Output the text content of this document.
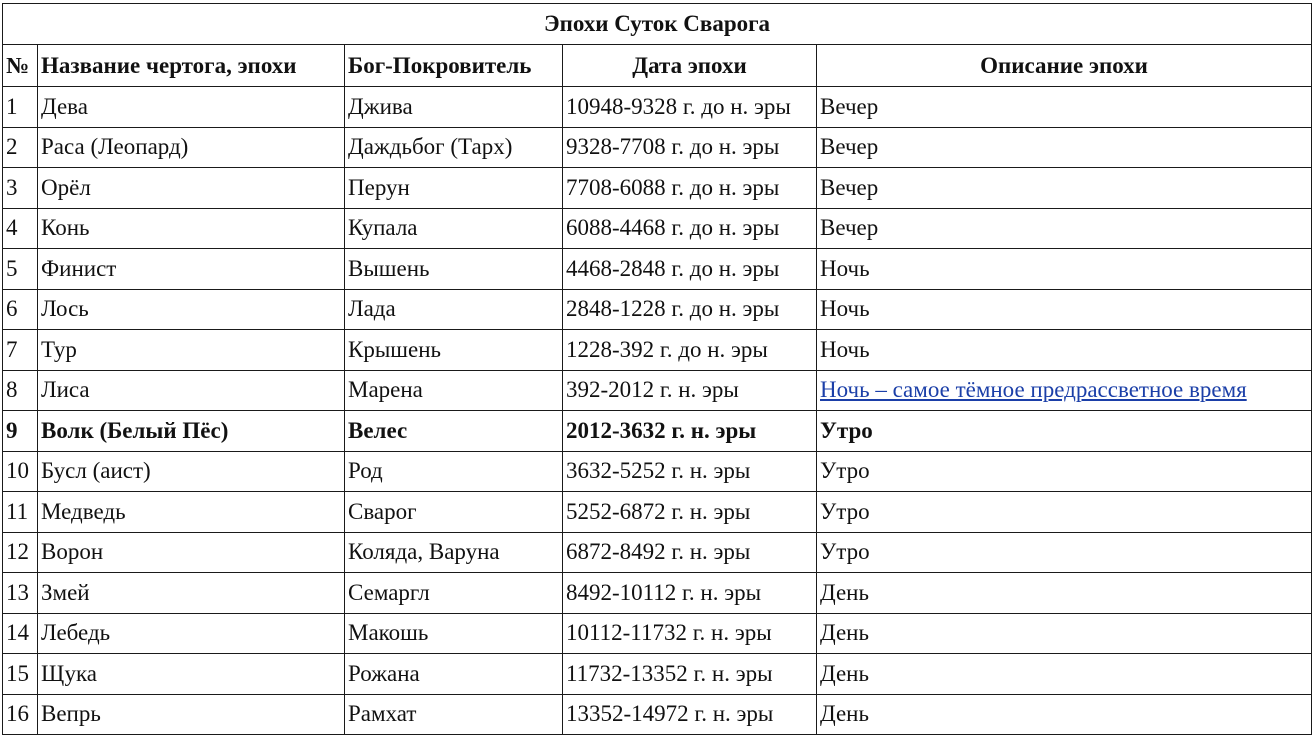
Эпохи Суток Сварога				
№	Название чертога, эпохи	Бог-Покровитель	Дата эпохи	Описание эпохи
1	Дева	Джива	10948-9328 г. до н. эры	Вечер
2	Раса (Леопард)	Даждьбог (Тарх)	9328-7708 г. до н. эры	Вечер
3	Орёл	Перун	7708-6088 г. до н. эры	Вечер
4	Конь	Купала	6088-4468 г. до н. эры	Вечер
5	Финист	Вышень	4468-2848 г. до н. эры	Ночь
6	Лось	Лада	2848-1228 г. до н. эры	Ночь
7	Тур	Крышень	1228-392 г. до н. эры	Ночь
8	Лиса	Марена	392-2012 г. н. эры	Ночь – самое тёмное предрассветное время
9	Волк (Белый Пёс)	Велес	2012-3632 г. н. эры	Утро
10	Бусл (аист)	Род	3632-5252 г. н. эры	Утро
11	Медведь	Сварог	5252-6872 г. н. эры	Утро
12	Ворон	Коляда, Варуна	6872-8492 г. н. эры	Утро
13	Змей	Семаргл	8492-10112 г. н. эры	День
14	Лебедь	Макошь	10112-11732 г. н. эры	День
15	Щука	Рожана	11732-13352 г. н. эры	День
16	Вепрь	Рамхат	13352-14972 г. н. эры	День
